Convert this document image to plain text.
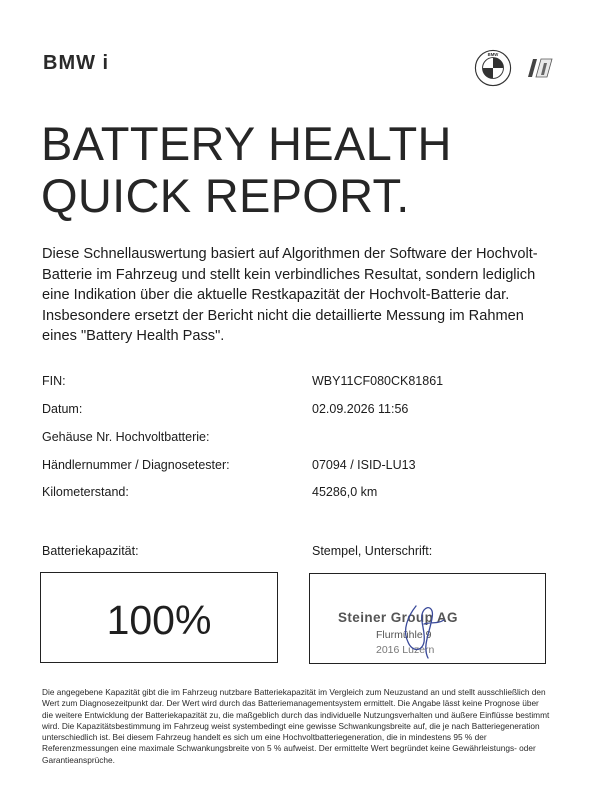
BMW i	BMW
BATTERY HEALTH
QUICK REPORT.

Diese Schnellauswertung basiert auf Algorithmen der Software der Hochvolt-Batterie im Fahrzeug und stellt kein verbindliches Resultat, sondern lediglich eine Indikation über die aktuelle Restkapazität der Hochvolt-Batterie dar. Insbesondere ersetzt der Bericht nicht die detaillierte Messung im Rahmen eines "Battery Health Pass".

FIN:	WBY11CF080CK81861
Datum:	02.09.2026 11:56
Gehäuse Nr. Hochvoltbatterie:
Händlernummer / Diagnosetester:	07094 / ISID-LU13
Kilometerstand:	45286,0 km
Batteriekapazität:	Stempel, Unterschrift:
100%	Steiner Group AG
Flurmühle 9
2016 Luzern

Die angegebene Kapazität gibt die im Fahrzeug nutzbare Batteriekapazität im Vergleich zum Neuzustand an und stellt ausschließlich den Wert zum Diagnosezeitpunkt dar. Der Wert wird durch das Batteriemanagementsystem ermittelt. Die Angabe lässt keine Prognose über die weitere Entwicklung der Batteriekapazität zu, die maßgeblich durch das individuelle Nutzungsverhalten und äußere Einflüsse bestimmt wird. Die Kapazitätsbestimmung im Fahrzeug weist systembedingt eine gewisse Schwankungsbreite auf, die je nach Batteriegeneration unterschiedlich ist. Bei diesem Fahrzeug handelt es sich um eine Hochvoltbatteriegeneration, die in mindestens 95 % der Referenzmessungen eine maximale Schwankungsbreite von 5 % aufweist. Der ermittelte Wert begründet keine Gewährleistungs- oder Garantieansprüche.
